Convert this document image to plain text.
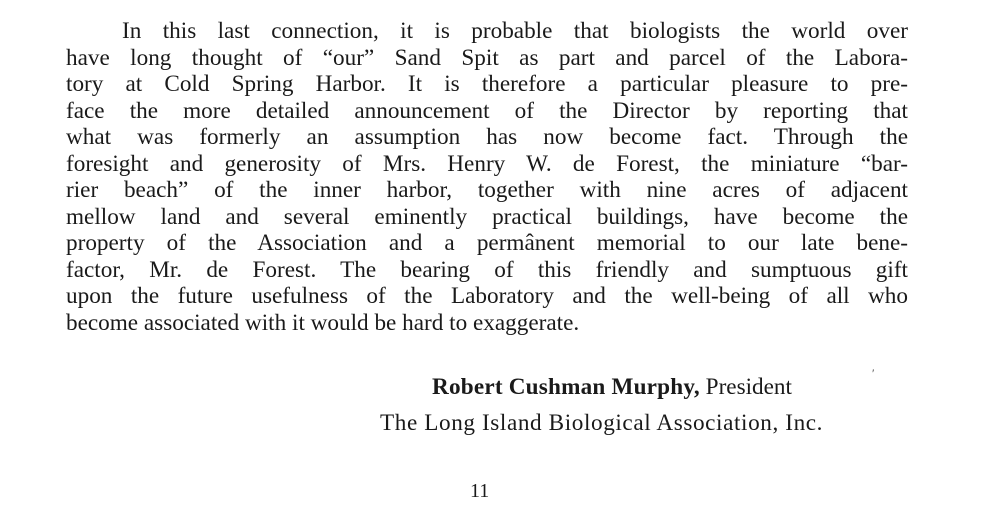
In this last connection, it is probable that biologists the world over
have long thought of “our” Sand Spit as part and parcel of the Labora-
tory at Cold Spring Harbor. It is therefore a particular pleasure to pre-
face the more detailed announcement of the Director by reporting that
what was formerly an assumption has now become fact. Through the
foresight and generosity of Mrs. Henry W. de Forest, the miniature “bar-
rier beach” of the inner harbor, together with nine acres of adjacent
mellow land and several eminently practical buildings, have become the
property of the Association and a permânent memorial to our late bene-
factor, Mr. de Forest. The bearing of this friendly and sumptuous gift
upon the future usefulness of the Laboratory and the well-being of all who
become associated with it would be hard to exaggerate.

′
Robert Cushman Murphy, President
The Long Island Biological Association, Inc.
11
